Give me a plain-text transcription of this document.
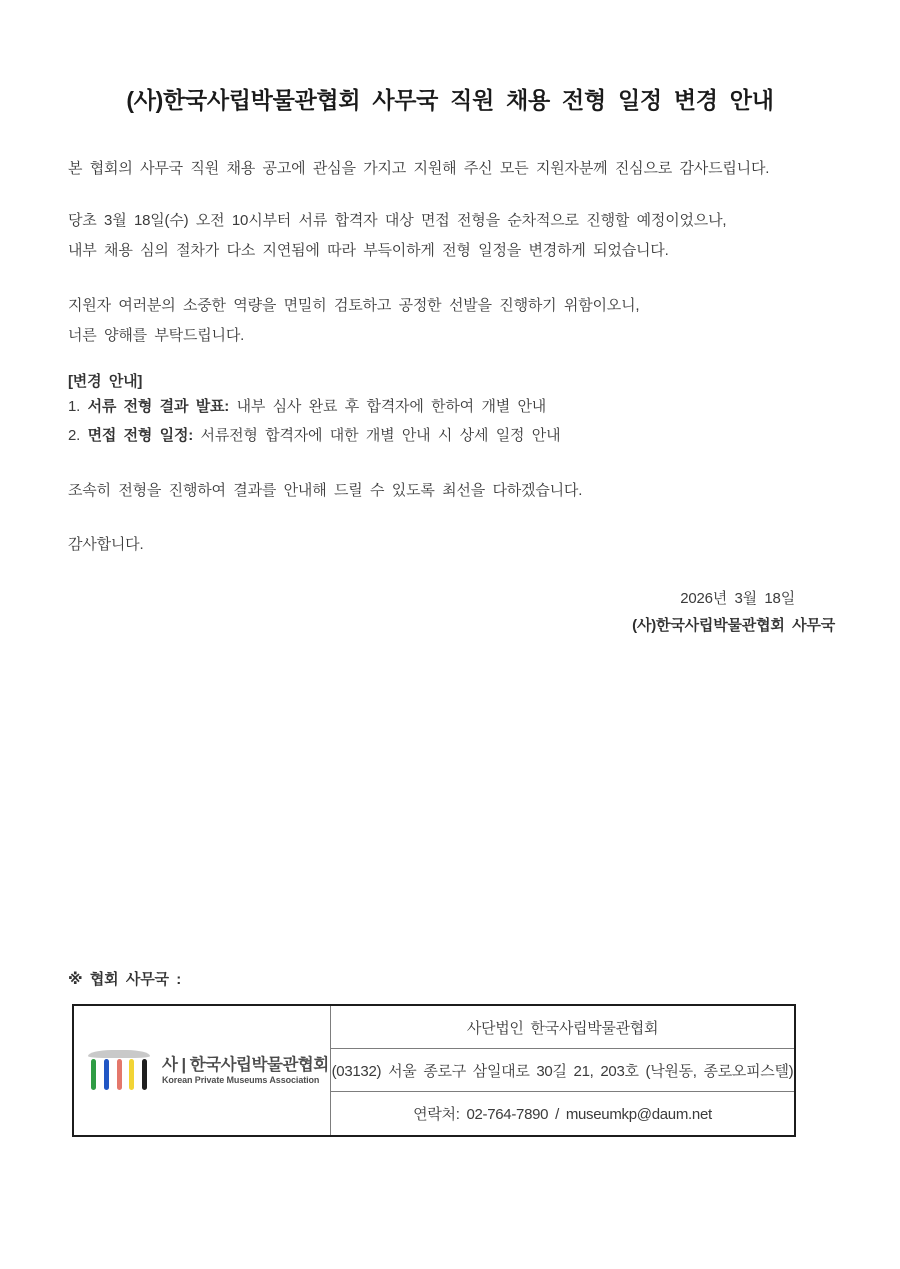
(사)한국사립박물관협회 사무국 직원 채용 전형 일정 변경 안내

본 협회의 사무국 직원 채용 공고에 관심을 가지고 지원해 주신 모든 지원자분께 진심으로 감사드립니다.

당초 3월 18일(수) 오전 10시부터 서류 합격자 대상 면접 전형을 순차적으로 진행할 예정이었으나,
내부 채용 심의 절차가 다소 지연됨에 따라 부득이하게 전형 일정을 변경하게 되었습니다.
지원자 여러분의 소중한 역량을 면밀히 검토하고 공정한 선발을 진행하기 위함이오니,
너른 양해를 부탁드립니다.
[변경 안내]
1. 서류 전형 결과 발표: 내부 심사 완료 후 합격자에 한하여 개별 안내
2. 면접 전형 일정: 서류전형 합격자에 대한 개별 안내 시 상세 일정 안내

조속히 전형을 진행하여 결과를 안내해 드릴 수 있도록 최선을 다하겠습니다.

감사합니다.

2026년 3월 18일
(사)한국사립박물관협회 사무국
※ 협회 사무국 :
사 | 한국사립박물관협회
Korean Private Museums Association
사단법인 한국사립박물관협회
(03132) 서울 종로구 삼일대로 30길 21, 203호 (낙원동, 종로오피스텔)
연락처: 02-764-7890 / museumkp@daum.net
